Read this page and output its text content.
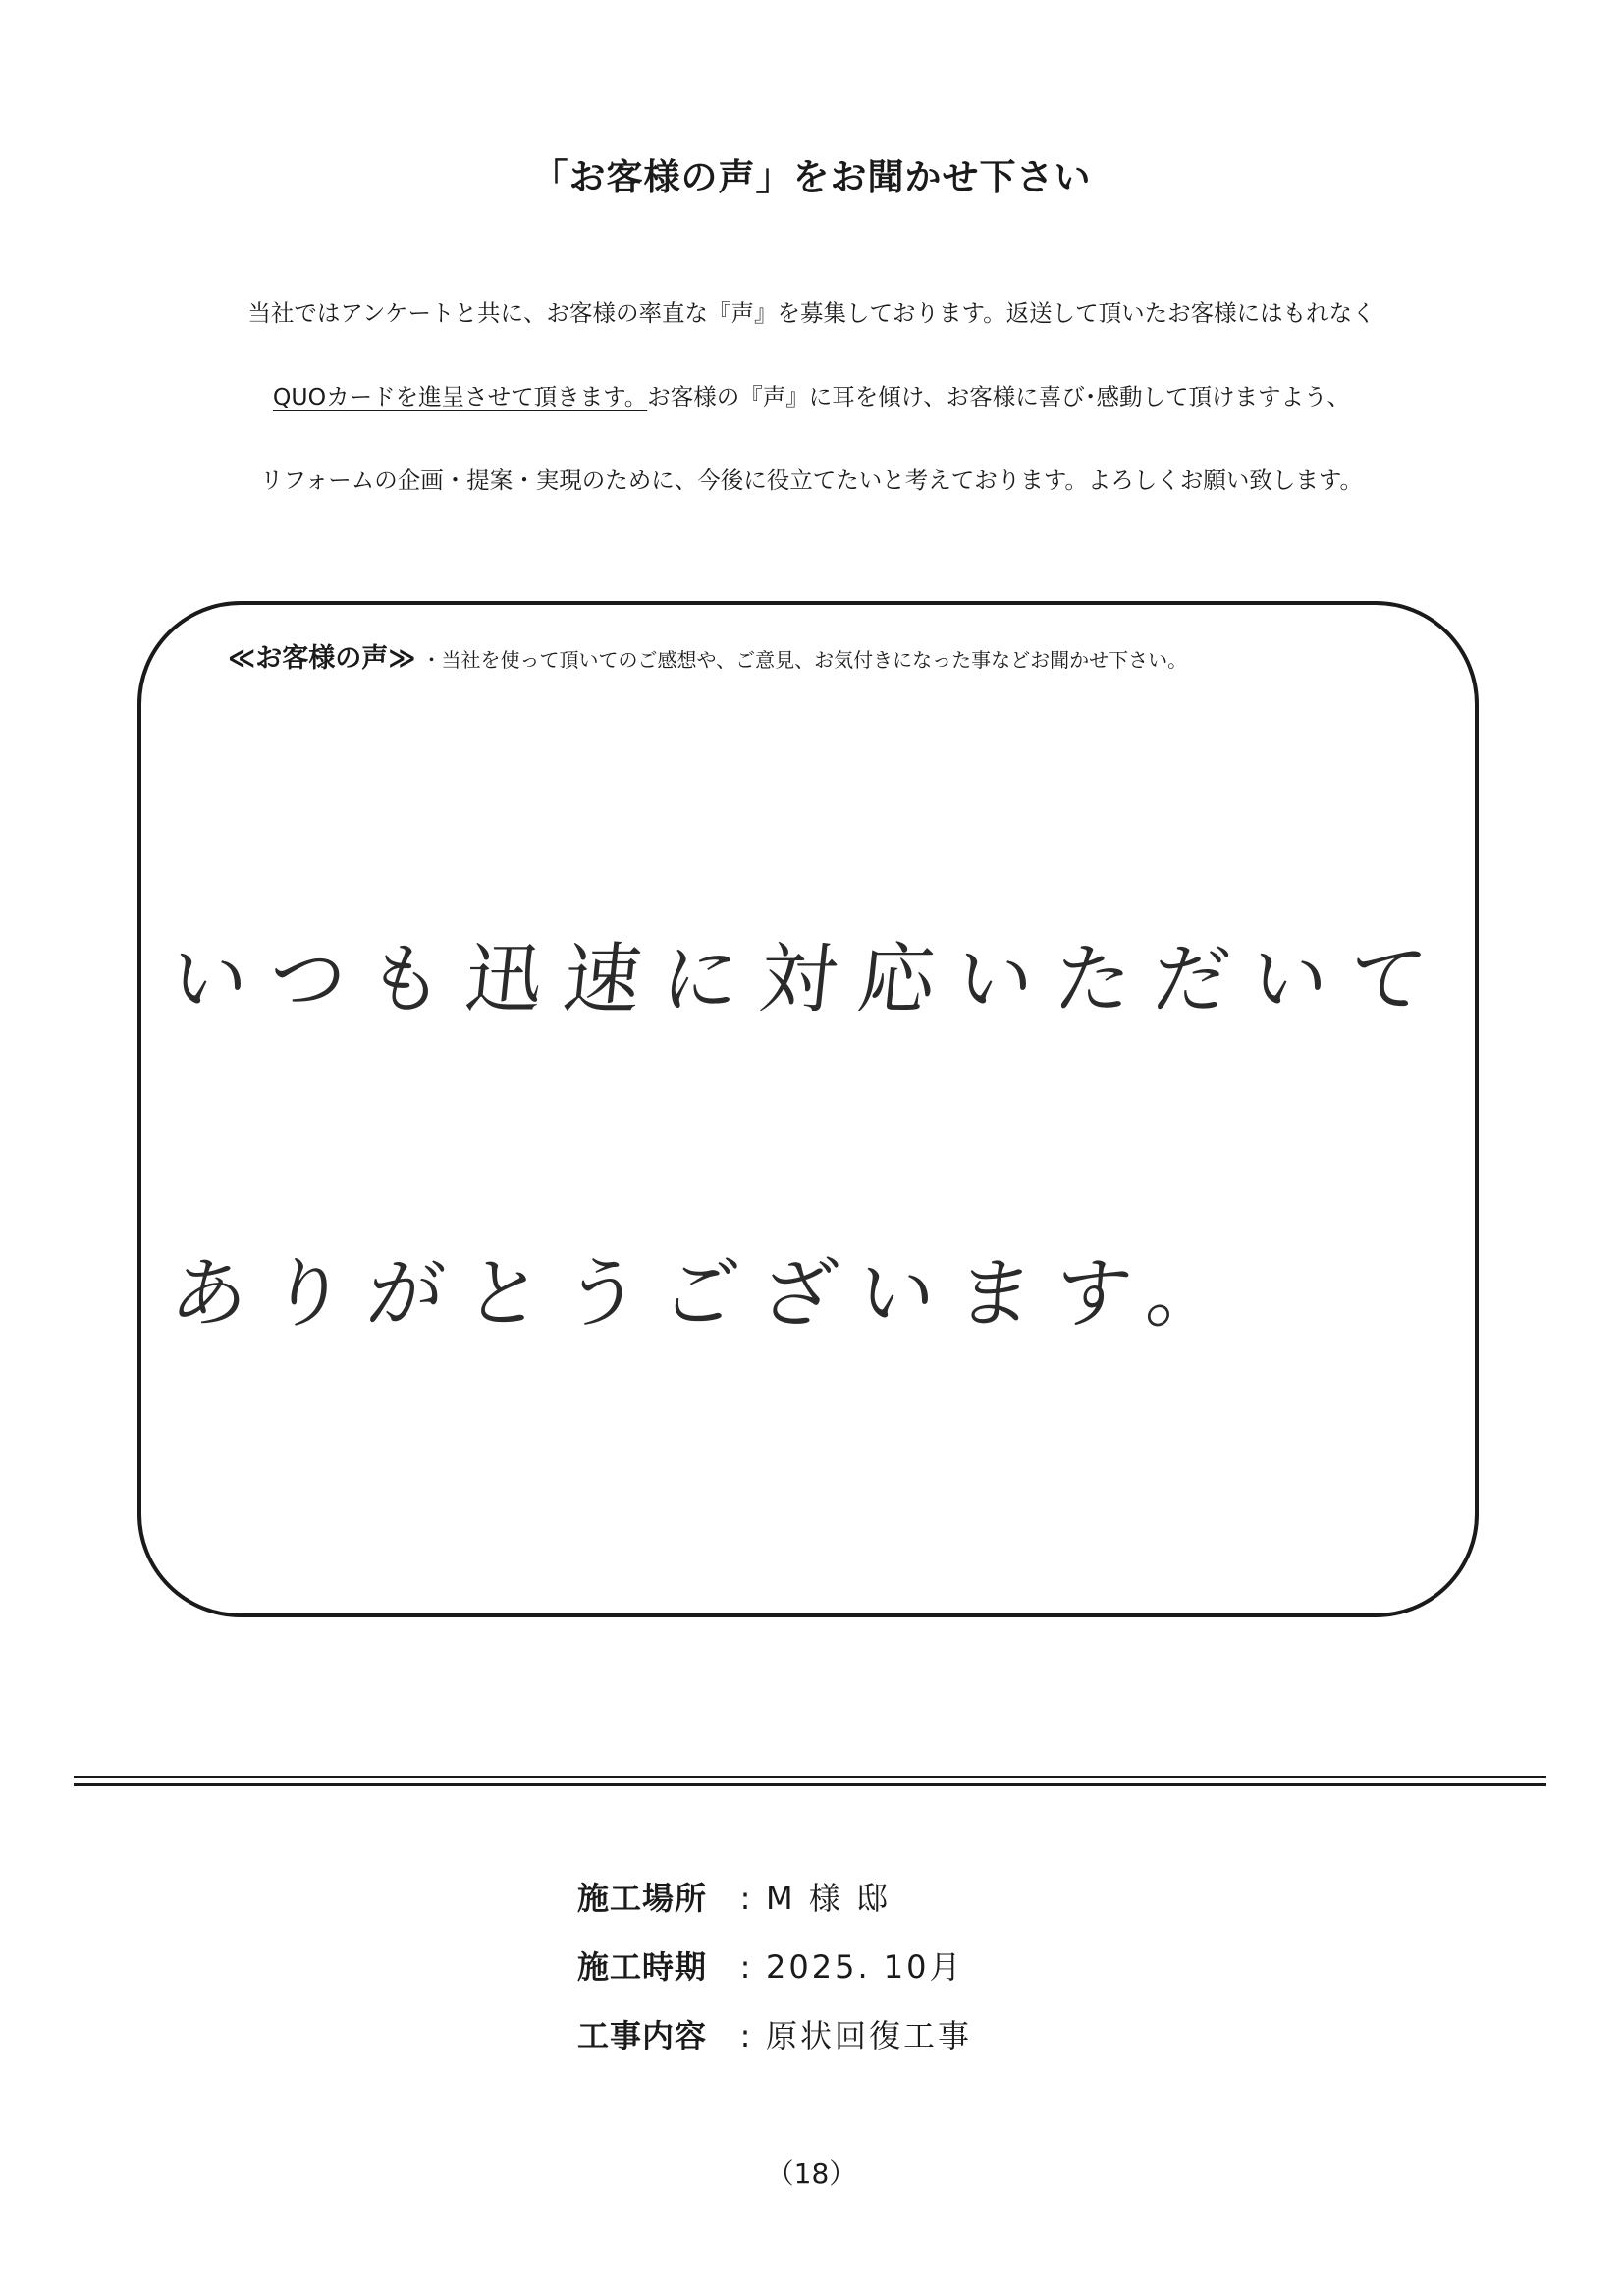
「お客様の声」をお聞かせ下さい
当社ではアンケートと共に、お客様の率直な『声』を募集しております。返送して頂いたお客様にはもれなく
QUOカードを進呈させて頂きます。お客様の『声』に耳を傾け、お客様に喜び･感動して頂けますよう、
リフォームの企画・提案・実現のために、今後に役立てたいと考えております。よろしくお願い致します。
≪お客様の声≫ ・当社を使って頂いてのご感想や、ご意見、お気付きになった事などお聞かせ下さい。
いつも迅速に対応いただいて
ありがとうございます。
施工場所 : M 様 邸
施工時期 : 2025. 10月
工事内容 : 原状回復工事
（18）
